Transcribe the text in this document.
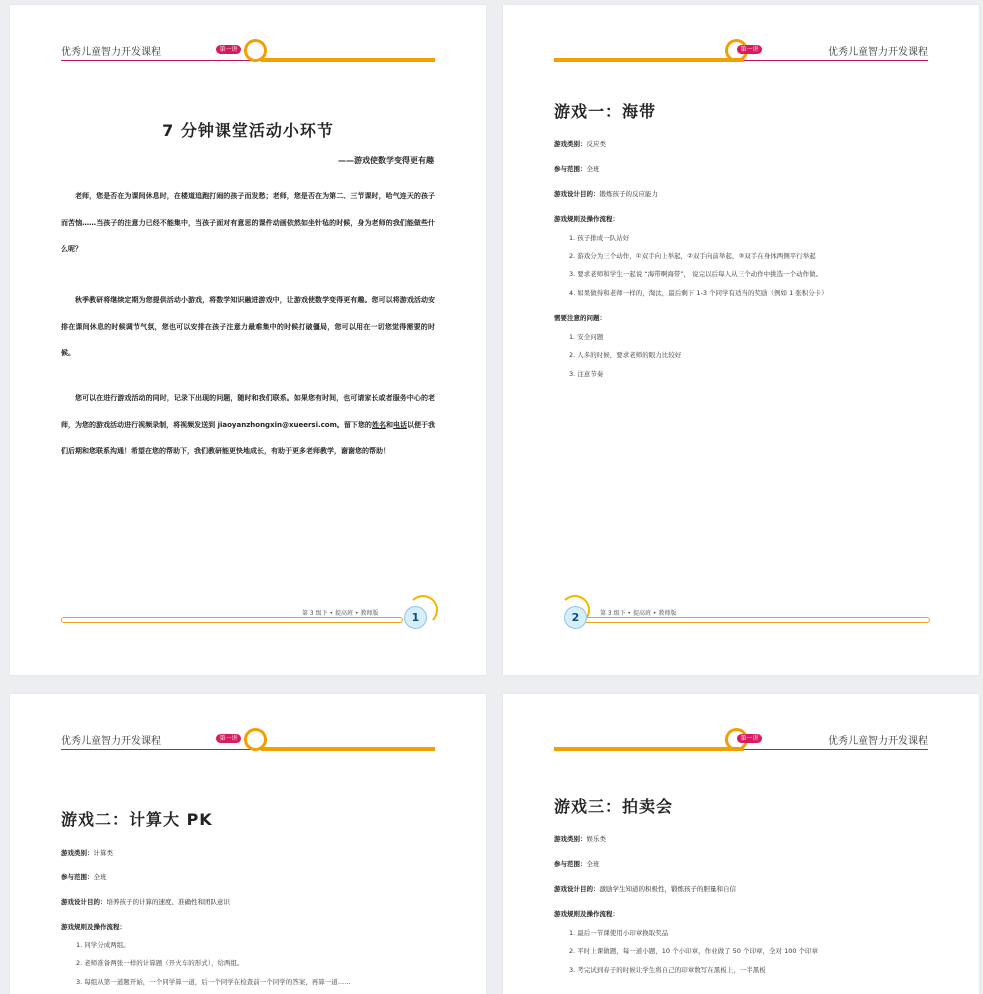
优秀儿童智力开发课程	第一讲
7 分钟课堂活动小环节
——游戏使数学变得更有趣
老师，您是否在为课间休息时，在楼道追跑打闹的孩子而发愁；老师，您是否在为第二、三节课时，哈气连天的孩子而苦恼……当孩子的注意力已经不能集中，当孩子面对有意思的课件动画依然如坐针毡的时候，身为老师的我们能做些什么呢？
秋季教研将继续定期为您提供活动小游戏，将数学知识融进游戏中，让游戏使数学变得更有趣。您可以将游戏活动安排在课间休息的时候调节气氛，您也可以安排在孩子注意力最难集中的时候打破僵局，您可以用在一切您觉得需要的时候。
您可以在进行游戏活动的同时，记录下出现的问题，随时和我们联系。如果您有时间，也可请家长或者服务中心的老师，为您的游戏活动进行视频录制，将视频发送到 jiaoyanzhongxin@xueersi.com。留下您的姓名和电话以便于我们后期和您联系沟通！希望在您的帮助下，我们教研能更快地成长，有助于更多老师教学，谢谢您的帮助！
第 3 级下 • 提高班 • 教师版	1
优秀儿童智力开发课程
第一讲
游戏一：海带
游戏类别：反应类
参与范围：全班
游戏设计目的：锻炼孩子的反应能力
游戏规则及操作流程：
1. 孩子排成一队站好
2. 游戏分为三个动作，①双手向上举起，②双手向前举起，③双手在身体两侧平行举起
3. 要求老师和学生一起说 “海带啊海带”， 说完以后每人从三个动作中挑选一个动作做。
4. 如果做得和老师一样的，淘汰，最后剩下 1-3 个同学有适当的奖励（例如 1 张积分卡）
需要注意的问题：
1. 安全问题
2. 人多的时候，要求老师的眼力比较好
3. 注意节奏
2	第 3 级下 • 提高班 • 教师版
优秀儿童智力开发课程	第一讲
游戏二：计算大 PK
游戏类别：计算类
参与范围：全班
游戏设计目的：培养孩子的计算的速度、准确性和团队意识
游戏规则及操作流程：
1. 同学分成两组。
2. 老师准备两张一样的计算题（开火车的形式），给两组。
3. 每组从第一道题开始，一个同学算一道，后一个同学在检查前一个同学的答案，再算一道……
优秀儿童智力开发课程
第一讲
游戏三：拍卖会
游戏类别：娱乐类
参与范围：全班
游戏设计目的：激励学生知道的积极性，锻炼孩子的胆量和自信
游戏规则及操作流程：
1. 最后一节课使用小印章换取奖品
2. 平时上课做题，每一道小题，10 个小印章，作业做了 50 个印章，全对 100 个印章
3. 考完试到春子的时候让学生将自己的印章数写在黑板上，一半黑板
